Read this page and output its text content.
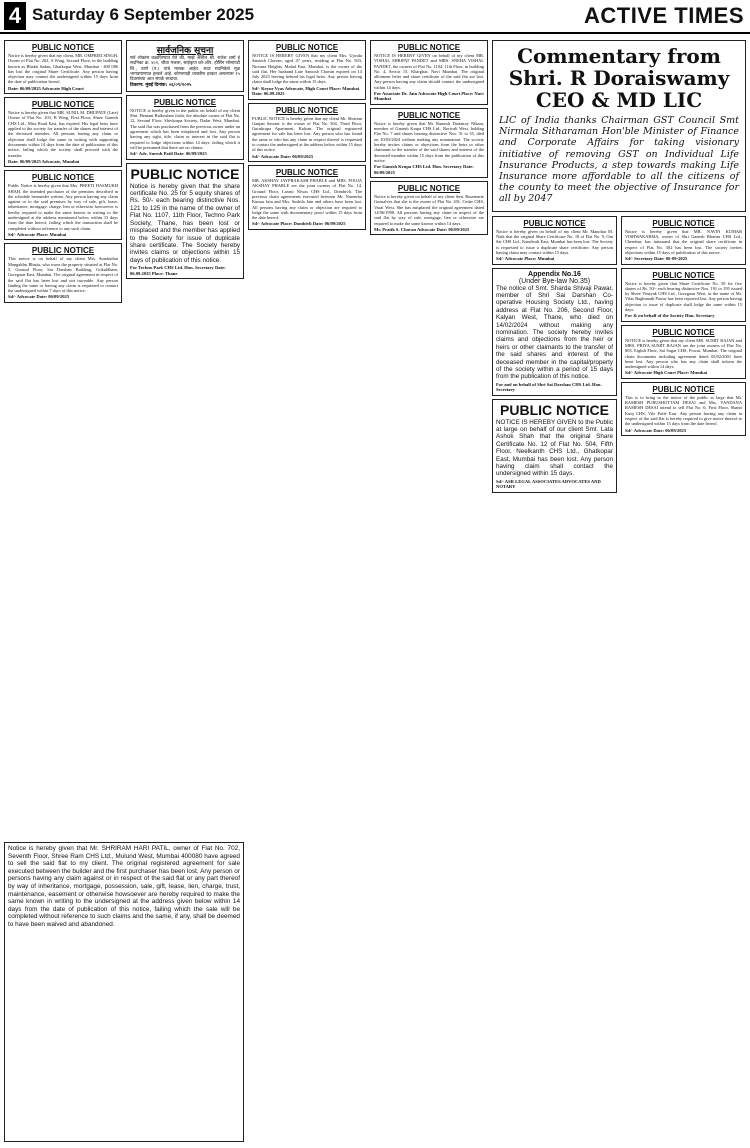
4 Saturday 6 September 2025	ACTIVE TIMES
PUBLIC NOTICE
Notice is hereby given that my client, MR. OMPRIEI SINGH, Owner of Flat No. 202, A Wing, Second Floor, in the building known as Bhakti Sadan, Ghatkopar West, Mumbai - 400 086 has lost the original Share Certificate. Any person having objection may contact the undersigned within 15 days from the date of publication hereof.
Date: 06/09/2025 Advocate High Court
PUBLIC NOTICE
Notice is hereby given that MR. SUNIL M. DHUPATE (Late) Owner of Flat No. 103, B Wing, First Floor, Shree Ganesh CHS Ltd., Mira Road East, has expired. His legal heirs have applied to the society for transfer of the shares and interest of the deceased member. All persons having any claim or objection shall lodge the same in writing with supporting documents within 14 days from the date of publication of this notice, failing which the society shall proceed with the transfer.
Date: 06/09/2025 Advocate, Mumbai
PUBLIC NOTICE
Public Notice is hereby given that Mrs. PREETI HASMUKH SHAH, the intended purchaser of the premises described in the schedule hereunder written. Any person having any claim against or to the said premises by way of sale, gift, lease, inheritance, mortgage, charge, lien or otherwise howsoever is hereby required to make the same known in writing to the undersigned at the address mentioned below within 15 days from the date hereof, failing which the transaction shall be completed without reference to any such claim.
Sd/- Advocate Place: Mumbai
PUBLIC NOTICE
This notice is on behalf of my client Mrs. Sundaribai Mangaldas Bhatia, who owns the property situated at Flat No. 5, Ground Floor, Sai Darshan Building, Gokuldham, Goregaon East, Mumbai. The original agreement in respect of the said flat has been lost and not traceable. Any person finding the same or having any claim is requested to contact the undersigned within 7 days of this notice.
Sd/- Advocate Date: 06/09/2025
सार्वजनिक सूचना
सर्व लोकांस कळविण्यात येते की, माझे अशील श्री. राजेश शर्मा हे सदनिका क्र. ४०२, चौथा मजला, साईकृपा को-ऑप. हौसिंग सोसायटी लि., ठाणे (प.) यांचे मालक आहेत. सदर सदनिकेचे मूळ भागप्रमाणपत्र हरवले आहे. कोणत्याही व्यक्तीस हरकत असल्यास १५ दिवसांच्या आत संपर्क साधावा.
ठिकाण: मुंबई दिनांक: ०६/०९/२०२५
PUBLIC NOTICE
NOTICE is hereby given to the public on behalf of my client Shri. Hemant Balkrishna Joshi, the absolute owner of Flat No. 12, Second Floor, Shivkrupa Society, Dadar West, Mumbai. The said flat was purchased from the previous owner under an agreement which has been misplaced and lost. Any person having any right, title, claim or interest in the said flat is required to lodge objections within 14 days, failing which it will be presumed that there are no claims.
Sd/- Adv. Suresh Patil Date: 06/09/2025
PUBLIC NOTICE
Notice is hereby given that the share certificate No. 25 for 5 equity shares of Rs. 50/- each bearing distinctive Nos. 121 to 125 in the name of the owner of Flat No. 1107, 11th Floor, Techno Park Society, Thane, has been lost or misplaced and the member has applied to the Society for issue of duplicate share certificate. The Society hereby invites claims or objections within 15 days of publication of this notice.
For Techno Park CHS Ltd. Hon. Secretary Date: 06.09.2025 Place: Thane
PUBLIC NOTICE
NOTICE IS HEREBY GIVEN that my client Mrs. Ujwala Santosh Chavan, aged 47 years, residing at Flat No. 503, Nirvana Heights, Malad East, Mumbai, is the owner of the said flat. Her husband Late Santosh Chavan expired on 14 July 2023 leaving behind his legal heirs. Any person having claim shall lodge the same within 15 days.
Sd/- Keyur Vyas Advocate, High Court Place: Mumbai Date: 06.09.2025
PUBLIC NOTICE
PUBLIC NOTICE is hereby given that my client Mr. Shriram Ganpat Sawant is the owner of Flat No. 304, Third Floor, Gurukrupa Apartment, Kalyan. The original registered agreement for sale has been lost. Any person who has found the same or who has any claim in respect thereof is requested to contact the undersigned at the address below within 15 days of this notice.
Sd/- Advocate Date: 06/09/2025
PUBLIC NOTICE
MR. AKSHAY JAYPRAKASH PHARLE and MRS. POOJA AKSHAY PHARLE are the joint owners of Flat No. 14, Ground Floor, Laxmi Niwas CHS Ltd., Dombivli. The previous chain agreements executed between Mr. Narendra Kumar Jain and Mrs. Sushila Jain and others have been lost. All persons having any claim or objection are required to lodge the same with documentary proof within 15 days from the date hereof.
Sd/- Advocate Place: Dombivli Date: 06/09/2025
PUBLIC NOTICE
NOTICE IS HEREBY GIVEN on behalf of my client MR. VISHAL SHRIPAT PANDET and MRS. SNEHA VISHAL PANDET, the owners of Flat No. 1104, 11th Floor, in building No. 4, Sector 15, Kharghar, Navi Mumbai. The original allotment letter and share certificate of the said flat are lost. Any person having any claim should contact the undersigned within 14 days.
For Associate Dr. Jain Advocate High Court Place: Navi Mumbai
PUBLIC NOTICE
Notice is hereby given that Mr. Ramesh Dattatray Nikam, member of Ganesh Krupa CHS Ltd., Borivali West, holding Flat No. 7 and shares bearing distinctive Nos. 31 to 35, died on 10/03/2024 without making any nomination. The society hereby invites claims or objections from the heirs or other claimants to the transfer of the said shares and interest of the deceased member within 15 days from the publication of this notice.
For Ganesh Krupa CHS Ltd. Hon. Secretary Date: 06/09/2025
PUBLIC NOTICE
Notice is hereby given on behalf of my client Smt. Rosemarie Gonsalves that she is the owner of Flat No. 201, Cedar CHS, Vasai West. She has misplaced the original agreement dated 12/06/1998. All persons having any claim in respect of the said flat by way of sale, mortgage, lien or otherwise are required to make the same known within 14 days.
Mr. Pratik S. Chavan Advocate Date: 06/09/2025
Commentary from
Shri. R Doraiswamy
CEO & MD LIC
LIC of India thanks Chairman GST Council Smt Nirmala Sitharaman Hon'ble Minister of Finance and Corporate Affairs for taking visionary initiative of removing GST on Individual Life Insurance Products, a step towards making Life Insurance more affordable to all the citizens of the county to meet the objective of Insurance for all by 2047
PUBLIC NOTICE
Notice is hereby given on behalf of my client Mr. Manohar M. Naik that the original Share Certificate No. 18 of Flat No. 9, Om Sai CHS Ltd., Kandivali East, Mumbai has been lost. The Society is requested to issue a duplicate share certificate. Any person having claim may contact within 15 days.
Sd/- Advocate Place: Mumbai
Appendix No.16
(Under Bye-law No.35)
The notice of Smt. Sharda Shivaji Pawar, member of Shri Sai Darshan Co-operative Housing Society Ltd., having address at Flat No. 206, Second Floor, Kalyan West, Thane, who died on 14/02/2024 without making any nomination. The society hereby invites claims and objections from the heir or heirs or other claimants to the transfer of the said shares and interest of the deceased member in the capital/property of the society within a period of 15 days from the publication of this notice.
For and on behalf of Shri Sai Darshan CHS Ltd. Hon. Secretary
PUBLIC NOTICE
NOTICE IS HEREBY GIVEN to the Public at large on behalf of our client Smt. Lata Ashok Shah that the original Share Certificate No. 12 of Flat No. 504, Fifth Floor, Neelkanth CHS Ltd., Ghatkopar East, Mumbai has been lost. Any person having claim shall contact the undersigned within 15 days.
Sd/- ASR LEGAL ASSOCIATES ADVOCATES AND NOTARY
PUBLIC NOTICE
Notice is hereby given that MR. NAVIN KUMAR VISHWAKARMA, owner of Shri Ganesh Bhavan CHS Ltd., Chembur, has intimated that the original share certificate in respect of Flat No. 302 has been lost. The society invites objections within 15 days of publication of this notice.
Sd/- Secretary Date: 06-09-2025
PUBLIC NOTICE
Notice is hereby given that Share Certificate No. 39 for five shares of Rs. 50/- each bearing distinctive Nos. 191 to 195 issued by Shree Vinayak CHS Ltd., Goregaon West, in the name of Mr. Vilas Raghunath Pawar has been reported lost. Any person having objection to issue of duplicate shall lodge the same within 15 days.
For & on behalf of the Society Hon. Secretary
PUBLIC NOTICE
NOTICE is hereby given that my client MR. SUMIT RAJAN and MRS. PRIYA SUMIT RAJAN are the joint owners of Flat No. 803, Eighth Floor, Sai Sagar CHS, Powai, Mumbai. The original chain documents including agreement dated 05/02/2001 have been lost. Any person who has any claim shall inform the undersigned within 14 days.
Sd/- Advocate High Court Place: Mumbai
PUBLIC NOTICE
This is to bring to the notice of the public at large that Mr. RAMESH PURUSHOTTAM DESAI and Mrs. VANDANA RAMESH DESAI intend to sell Flat No. 6, First Floor, Shanti Kunj CHS, Vile Parle East. Any person having any claim in respect of the said flat is hereby required to give notice thereof to the undersigned within 15 days from the date hereof.
Sd/- Advocate Date: 06/09/2025
Notice is hereby given that Mr. SHRIRAM HARI PATIL, owner of Flat No. 702, Seventh Floor, Shree Ram CHS Ltd., Mulund West, Mumbai 400080 have agreed to sell the said flat to my client. The original registered agreement for sale executed between the builder and the first purchaser has been lost. Any person or persons having any claim against or in respect of the said flat or any part thereof by way of inheritance, mortgage, possession, sale, gift, lease, lien, charge, trust, maintenance, easement or otherwise howsoever are hereby required to make the same known in writing to the undersigned at the address given below within 14 days from the date of publication of this notice, failing which the sale will be completed without reference to such claims and the same, if any, shall be deemed to have been waived and abandoned.
